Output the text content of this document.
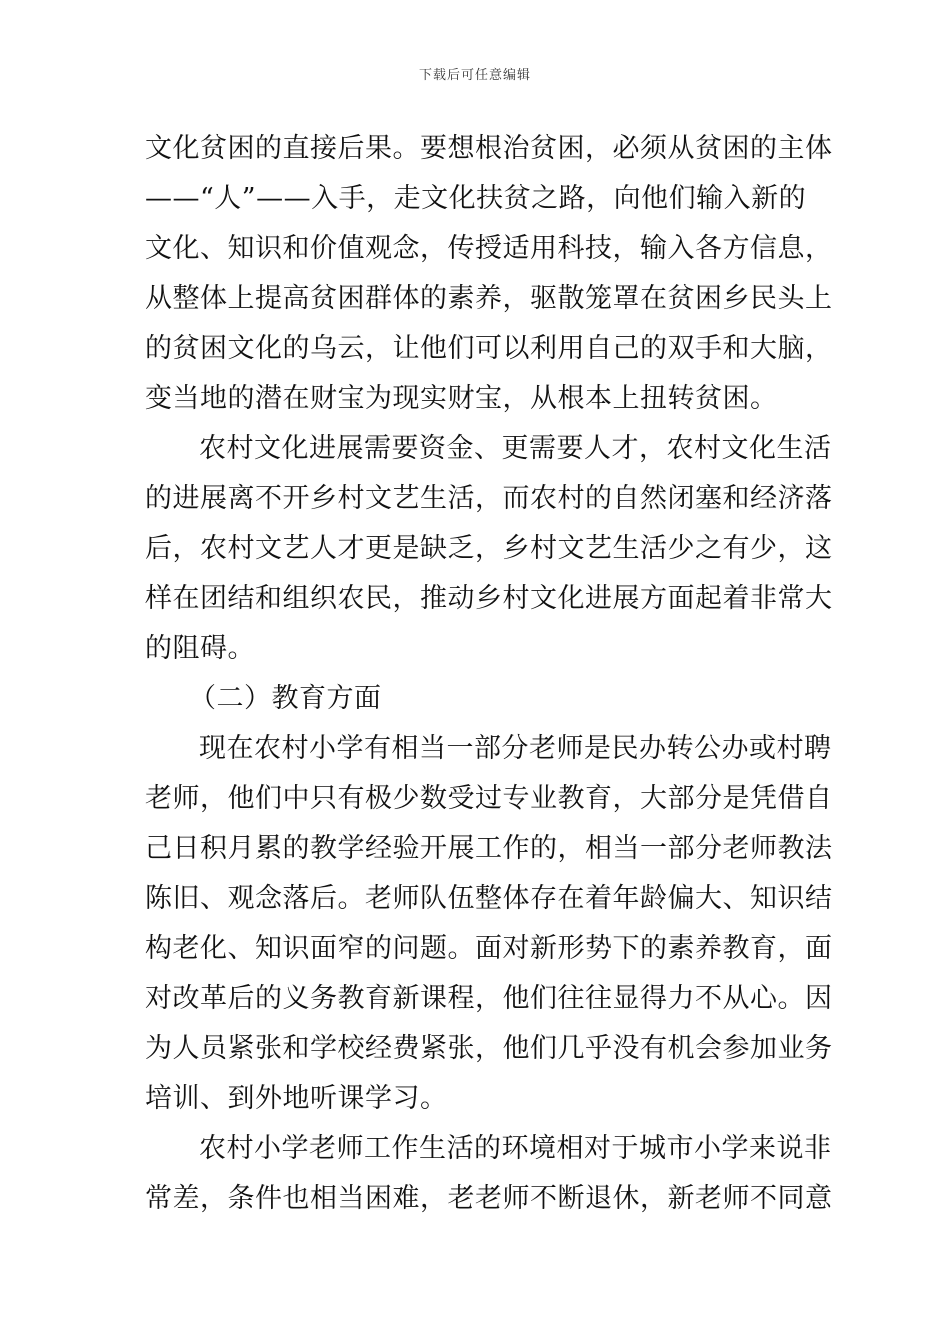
下载后可任意编辑
文化贫困的直接后果。要想根治贫困，必须从贫困的主体
——“人”——入手，走文化扶贫之路，向他们输入新的
文化、知识和价值观念，传授适用科技，输入各方信息，
从整体上提高贫困群体的素养，驱散笼罩在贫困乡民头上
的贫困文化的乌云，让他们可以利用自己的双手和大脑，
变当地的潜在财宝为现实财宝，从根本上扭转贫困。
农村文化进展需要资金、更需要人才，农村文化生活
的进展离不开乡村文艺生活，而农村的自然闭塞和经济落
后，农村文艺人才更是缺乏，乡村文艺生活少之有少，这
样在团结和组织农民，推动乡村文化进展方面起着非常大
的阻碍。
（二）教育方面
现在农村小学有相当一部分老师是民办转公办或村聘
老师，他们中只有极少数受过专业教育，大部分是凭借自
己日积月累的教学经验开展工作的，相当一部分老师教法
陈旧、观念落后。老师队伍整体存在着年龄偏大、知识结
构老化、知识面窄的问题。面对新形势下的素养教育，面
对改革后的义务教育新课程，他们往往显得力不从心。因
为人员紧张和学校经费紧张，他们几乎没有机会参加业务
培训、到外地听课学习。
农村小学老师工作生活的环境相对于城市小学来说非
常差，条件也相当困难，老老师不断退休，新老师不同意
